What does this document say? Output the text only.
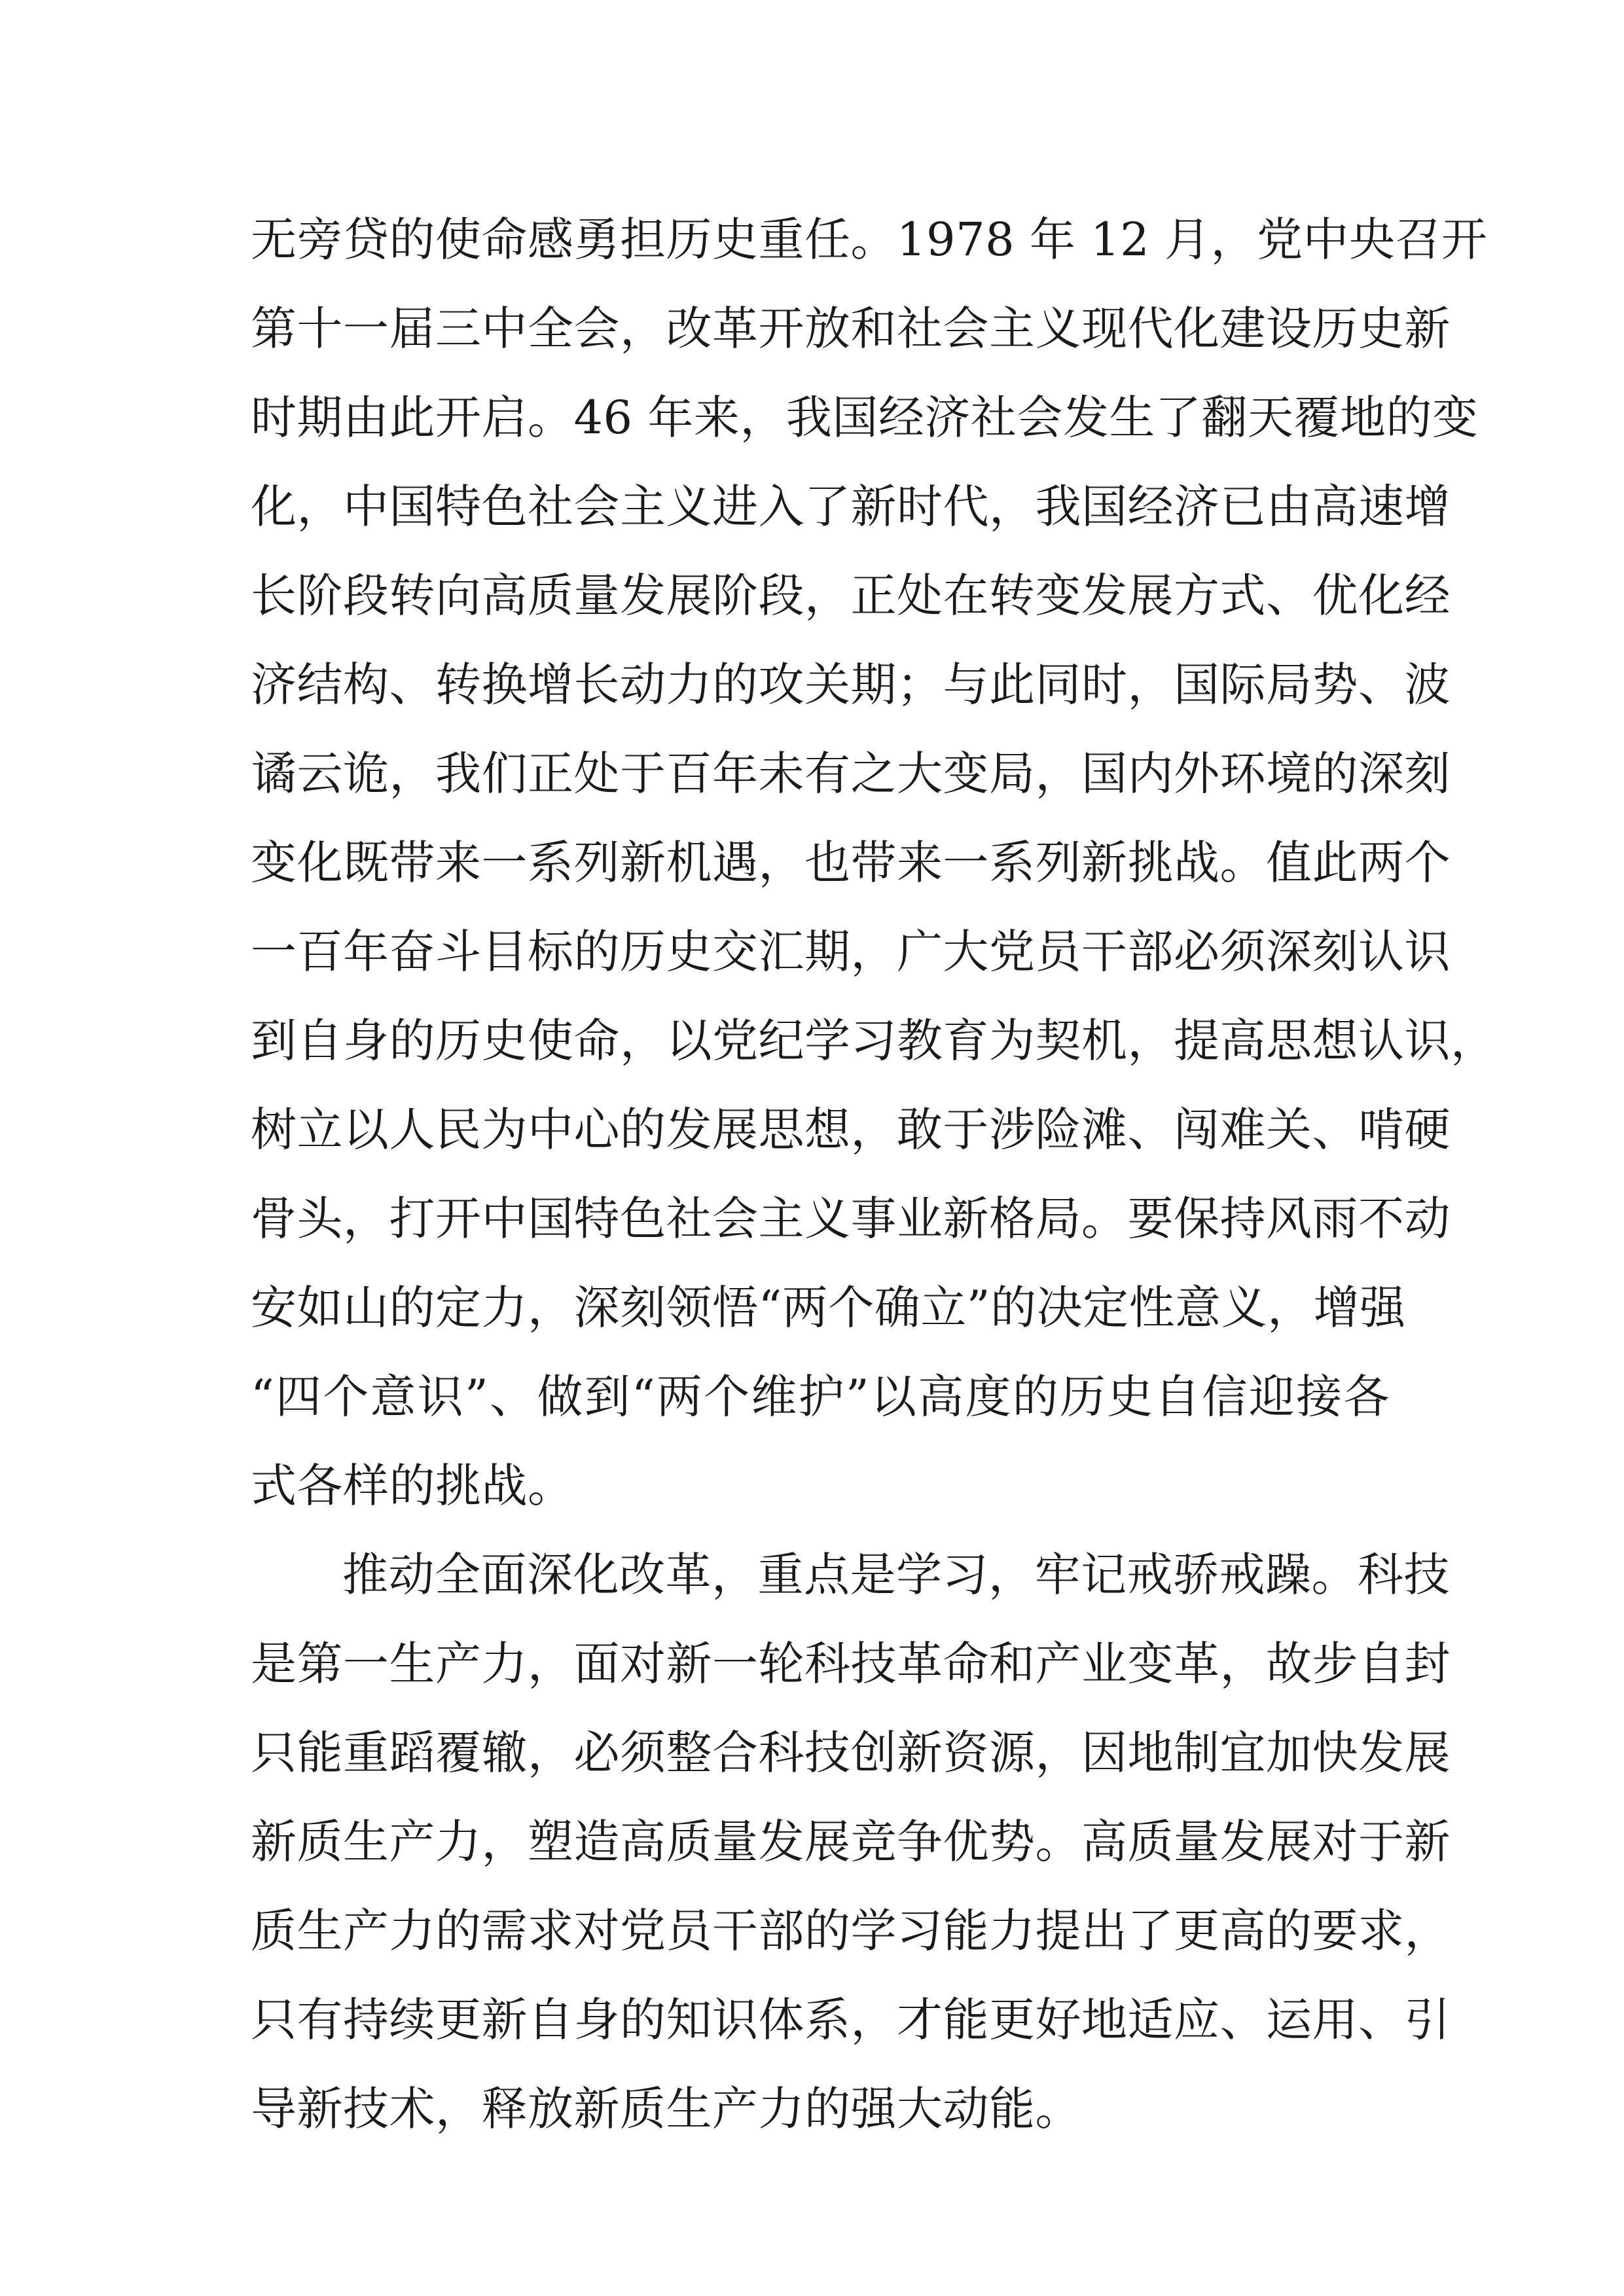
无旁贷的使命感勇担历史重任。1978 年 12 月，党中央召开
第十一届三中全会，改革开放和社会主义现代化建设历史新
时期由此开启。46 年来，我国经济社会发生了翻天覆地的变
化，中国特色社会主义进入了新时代，我国经济已由高速增
长阶段转向高质量发展阶段，正处在转变发展方式、优化经
济结构、转换增长动力的攻关期；与此同时，国际局势、波
谲云诡，我们正处于百年未有之大变局，国内外环境的深刻
变化既带来一系列新机遇，也带来一系列新挑战。值此两个
一百年奋斗目标的历史交汇期，广大党员干部必须深刻认识
到自身的历史使命，以党纪学习教育为契机，提高思想认识，
树立以人民为中心的发展思想，敢于涉险滩、闯难关、啃硬
骨头，打开中国特色社会主义事业新格局。要保持风雨不动
安如山的定力，深刻领悟“两个确立”的决定性意义，增强
“四个意识”、做到“两个维护”以高度的历史自信迎接各
式各样的挑战。
推动全面深化改革，重点是学习，牢记戒骄戒躁。科技
是第一生产力，面对新一轮科技革命和产业变革，故步自封
只能重蹈覆辙，必须整合科技创新资源，因地制宜加快发展
新质生产力，塑造高质量发展竞争优势。高质量发展对于新
质生产力的需求对党员干部的学习能力提出了更高的要求，
只有持续更新自身的知识体系，才能更好地适应、运用、引
导新技术，释放新质生产力的强大动能。
